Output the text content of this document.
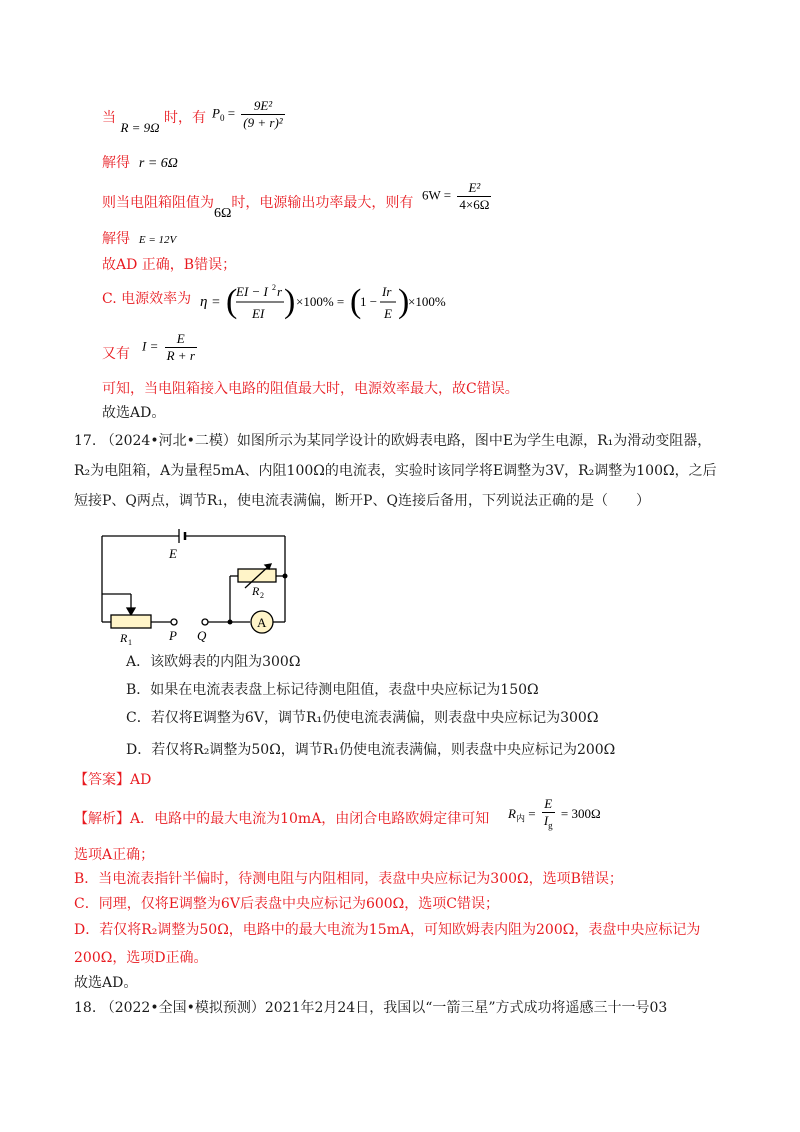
当 R = 9Ω 时，有 $P_0 = \frac{\text{9E²}}{\text{(9 + r)²}}$
解得 r = 6Ω
则当电阻箱阻值为6Ω时，电源输出功率最大，则有
$6W = \frac{\text{E²}}{4\times 6\Omega}$
解得 E = 12V
故AD 正确，B错误；
C. 电源效率为 η = (
EI − I 2 r
EI ) ×100% = (
1 −
Ir
E )
×100%
又有
$I = \frac{E}{R + r}$
可知，当电阻箱接入电路的阻值最大时，电源效率最大，故C错误。
故选AD。
17. （2024•河北•二模）如图所示为某同学设计的欧姆表电路，图中E为学生电源，R₁为滑动变阻器，R₂为电阻箱，A为量程5mA、内阻100Ω的电流表，实验时该同学将E调整为3V，R₂调整为100Ω，之后短接P、Q两点，调节R₁，使电流表满偏，断开P、Q连接后备用，下列说法正确的是（　　）
E
R 2
R 1	P Q
A
A．该欧姆表的内阻为300Ω
B．如果在电流表表盘上标记待测电阻值，表盘中央应标记为150Ω
C．若仅将E调整为6V，调节R₁仍使电流表满偏，则表盘中央应标记为300Ω
D．若仅将R₂调整为50Ω，调节R₁仍使电流表满偏，则表盘中央应标记为200Ω
【答案】AD
【解析】A．电路中的最大电流为10mA，由闭合电路欧姆定律可知 $R_内 = \frac{E}{I_g} = 300\Omega$
选项A正确；
B．当电流表指针半偏时，待测电阻与内阻相同，表盘中央应标记为300Ω，选项B错误；
C．同理，仅将E调整为6V后表盘中央应标记为600Ω，选项C错误；
D．若仅将R₂调整为50Ω，电路中的最大电流为15mA，可知欧姆表内阻为200Ω，表盘中央应标记为
200Ω，选项D正确。
故选AD。
18. （2022•全国•模拟预测）2021年2月24日，我国以“一箭三星”方式成功将遥感三十一号03
